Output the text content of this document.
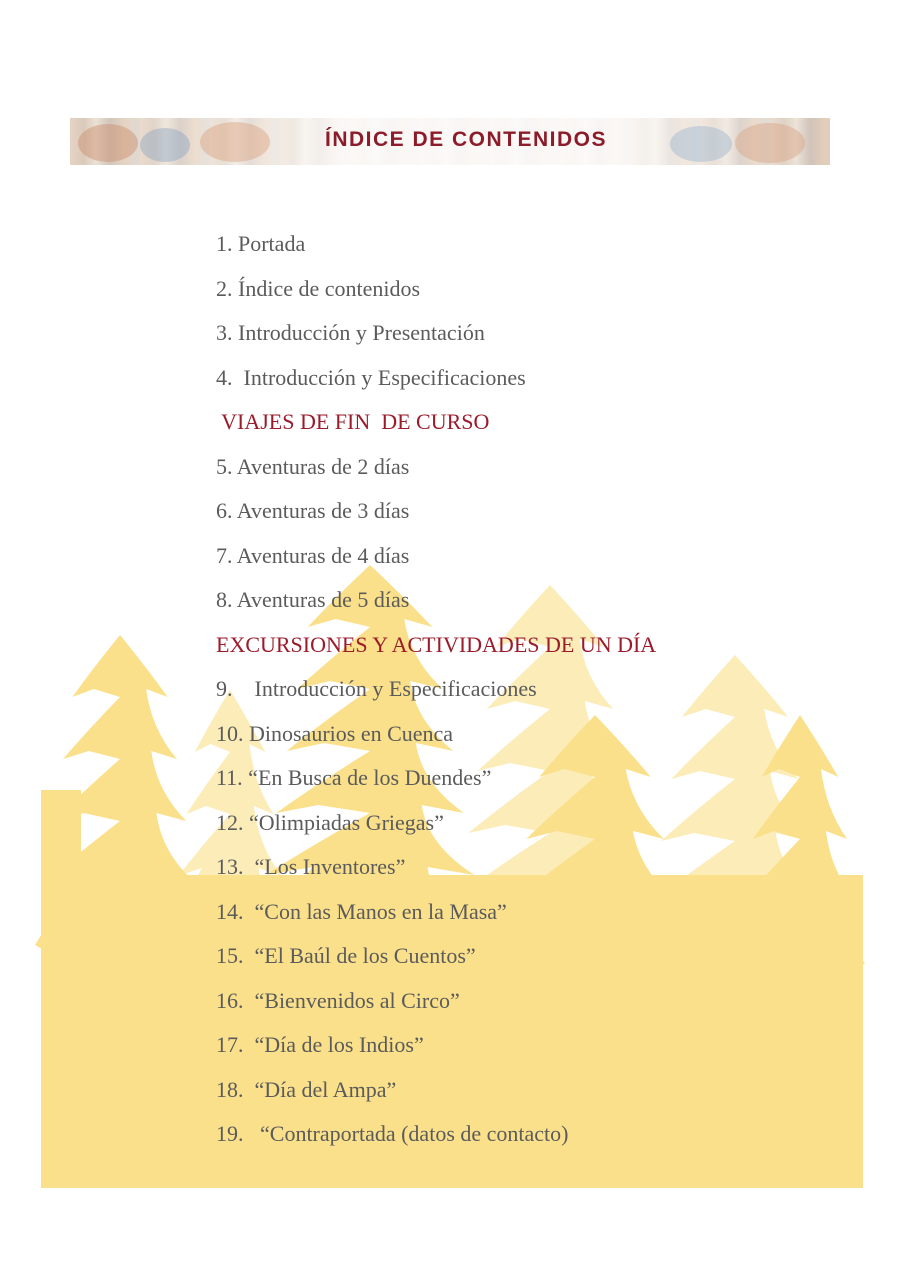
ÍNDICE DE CONTENIDOS
1. Portada
2. Índice de contenidos
3. Introducción y Presentación
4.  Introducción y Especificaciones
VIAJES DE FIN  DE CURSO
5. Aventuras de 2 días
6. Aventuras de 3 días
7. Aventuras de 4 días
8. Aventuras de 5 días
EXCURSIONES Y ACTIVIDADES DE UN DÍA
9.    Introducción y Especificaciones
10. Dinosaurios en Cuenca
11. “En Busca de los Duendes”
12. “Olimpiadas Griegas”
13.  “Los Inventores”
14.  “Con las Manos en la Masa”
15.  “El Baúl de los Cuentos”
16.  “Bienvenidos al Circo”
17.  “Día de los Indios”
18.  “Día del Ampa”
19.   “Contraportada (datos de contacto)
